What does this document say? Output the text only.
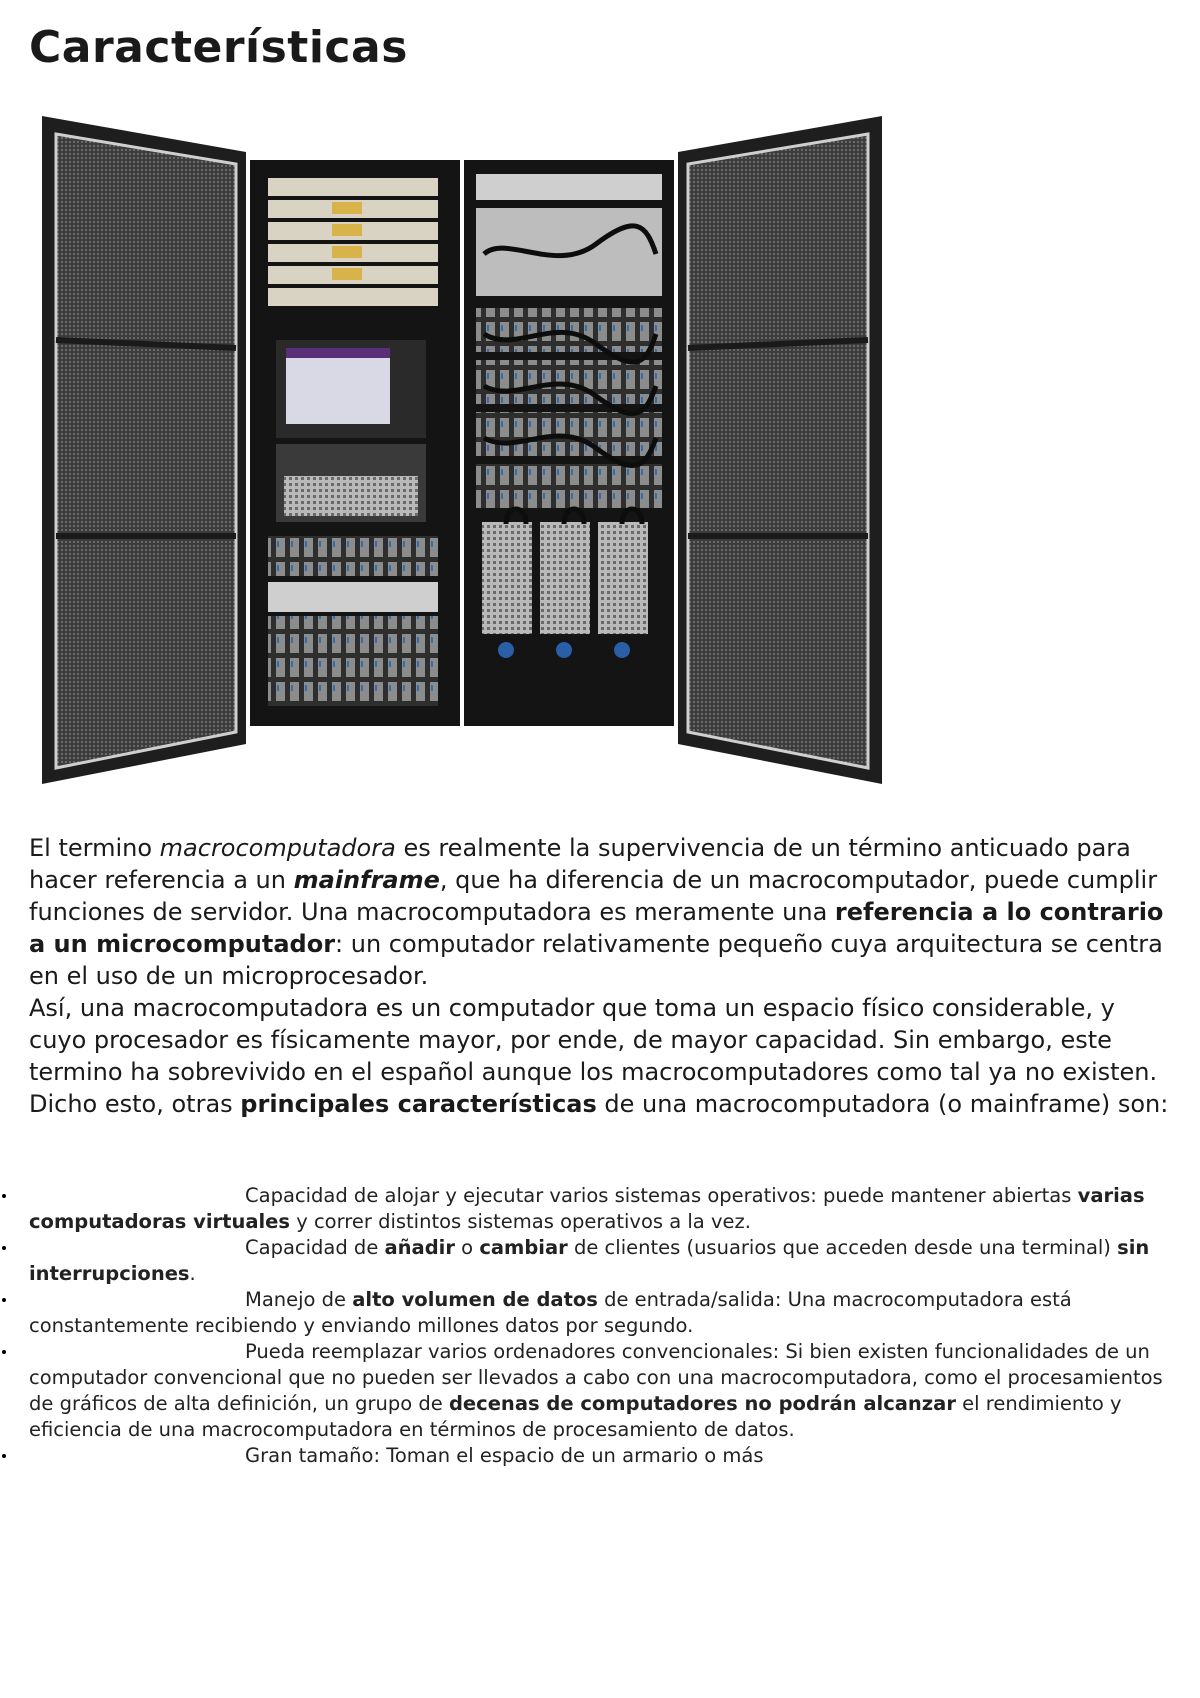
Características

El termino macrocomputadora es realmente la supervivencia de un término anticuado para hacer referencia a un mainframe, que ha diferencia de un macrocomputador, puede cumplir funciones de servidor. Una macrocomputadora es meramente una referencia a lo contrario a un microcomputador: un computador relativamente pequeño cuya arquitectura se centra en el uso de un microprocesador.

Así, una macrocomputadora es un computador que toma un espacio físico considerable, y cuyo procesador es físicamente mayor, por ende, de mayor capacidad. Sin embargo, este termino ha sobrevivido en el español aunque los macrocomputadores como tal ya no existen. Dicho esto, otras principales características de una macrocomputadora (o mainframe) son:

Capacidad de alojar y ejecutar varios sistemas operativos: puede mantener abiertas varias computadoras virtuales y correr distintos sistemas operativos a la vez.
Capacidad de añadir o cambiar de clientes (usuarios que acceden desde una terminal) sin interrupciones.
Manejo de alto volumen de datos de entrada/salida: Una macrocomputadora está constantemente recibiendo y enviando millones datos por segundo.
Pueda reemplazar varios ordenadores convencionales: Si bien existen funcionalidades de un computador convencional que no pueden ser llevados a cabo con una macrocomputadora, como el procesamientos de gráficos de alta definición, un grupo de decenas de computadores no podrán alcanzar el rendimiento y eficiencia de una macrocomputadora en términos de procesamiento de datos.
Gran tamaño: Toman el espacio de un armario o más
